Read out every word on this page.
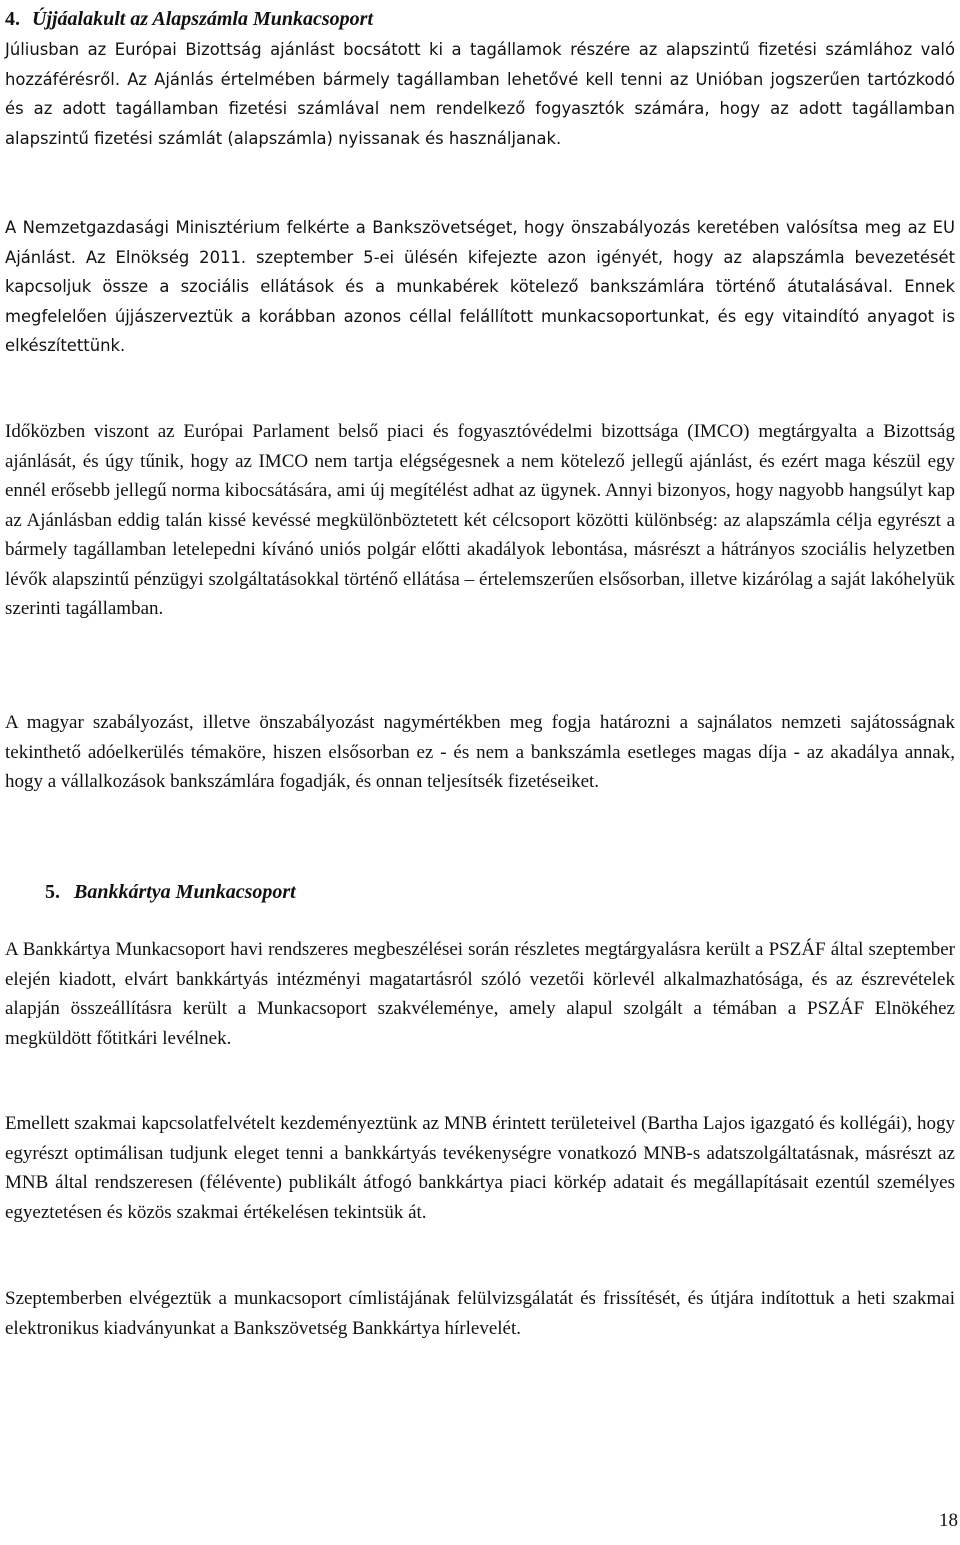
4. Újjáalakult az Alapszámla Munkacsoport

Júliusban az Európai Bizottság ajánlást bocsátott ki a tagállamok részére az alapszintű fizetési számlához való hozzáférésről. Az Ajánlás értelmében bármely tagállamban lehetővé kell tenni az Unióban jogszerűen tartózkodó és az adott tagállamban fizetési számlával nem rendelkező fogyasztók számára, hogy az adott tagállamban alapszintű fizetési számlát (alapszámla) nyissanak és használjanak.

A Nemzetgazdasági Minisztérium felkérte a Bankszövetséget, hogy önszabályozás keretében valósítsa meg az EU Ajánlást. Az Elnökség 2011. szeptember 5-ei ülésén kifejezte azon igényét, hogy az alapszámla bevezetését kapcsoljuk össze a szociális ellátások és a munkabérek kötelező bankszámlára történő átutalásával. Ennek megfelelően újjászerveztük a korábban azonos céllal felállított munkacsoportunkat, és egy vitaindító anyagot is elkészítettünk.

Időközben viszont az Európai Parlament belső piaci és fogyasztóvédelmi bizottsága (IMCO) megtárgyalta a Bizottság ajánlását, és úgy tűnik, hogy az IMCO nem tartja elégségesnek a nem kötelező jellegű ajánlást, és ezért maga készül egy ennél erősebb jellegű norma kibocsátására, ami új megítélést adhat az ügynek. Annyi bizonyos, hogy nagyobb hangsúlyt kap az Ajánlásban eddig talán kissé kevéssé megkülönböztetett két célcsoport közötti különbség: az alapszámla célja egyrészt a bármely tagállamban letelepedni kívánó uniós polgár előtti akadályok lebontása, másrészt a hátrányos szociális helyzetben lévők alapszintű pénzügyi szolgáltatásokkal történő ellátása – értelemszerűen elsősorban, illetve kizárólag a saját lakóhelyük szerinti tagállamban.

A magyar szabályozást, illetve önszabályozást nagymértékben meg fogja határozni a sajnálatos nemzeti sajátosságnak tekinthető adóelkerülés témaköre, hiszen elsősorban ez - és nem a bankszámla esetleges magas díja - az akadálya annak, hogy a vállalkozások bankszámlára fogadják, és onnan teljesítsék fizetéseiket.

5. Bankkártya Munkacsoport

A Bankkártya Munkacsoport havi rendszeres megbeszélései során részletes megtárgyalásra került a PSZÁF által szeptember elején kiadott, elvárt bankkártyás intézményi magatartásról szóló vezetői körlevél alkalmazhatósága, és az észrevételek alapján összeállításra került a Munkacsoport szakvéleménye, amely alapul szolgált a témában a PSZÁF Elnökéhez megküldött főtitkári levélnek.

Emellett szakmai kapcsolatfelvételt kezdeményeztünk az MNB érintett területeivel (Bartha Lajos igazgató és kollégái), hogy egyrészt optimálisan tudjunk eleget tenni a bankkártyás tevékenységre vonatkozó MNB-s adatszolgáltatásnak, másrészt az MNB által rendszeresen (félévente) publikált átfogó bankkártya piaci körkép adatait és megállapításait ezentúl személyes egyeztetésen és közös szakmai értékelésen tekintsük át.

Szeptemberben elvégeztük a munkacsoport címlistájának felülvizsgálatát és frissítését, és útjára indítottuk a heti szakmai elektronikus kiadványunkat a Bankszövetség Bankkártya hírlevelét.

18
